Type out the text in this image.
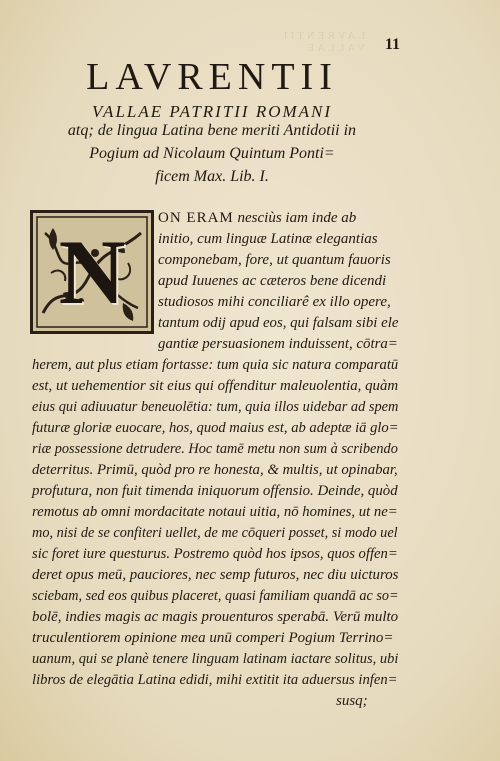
LAVRENTII VALLAE 11
LAVRENTII
VALLAE PATRITII ROMANI
atq; de lingua Latina bene meriti Antidotii in
Pogium ad Nicolaum Quintum Ponti=
ficem Max. Lib. I.
N
ON ERAM nesciùs iam inde ab
initio, cum linguæ Latinæ elegantias
componebam, fore, ut quantum fauoris
apud Iuuenes ac cæteros bene dicendi
studiosos mihi conciliarê ex illo opere,
tantum odij apud eos, qui falsam sibi ele
gantiæ persuasionem induissent, cōtra=
herem, aut plus etiam fortasse: tum quia sic natura comparatū
est, ut uehementior sit eius qui offenditur maleuolentia, quàm
eius qui adiuuatur beneuolētia: tum, quia illos uidebar ad spem
futuræ gloriæ euocare, hos, quod maius est, ab adeptæ iā glo=
riæ possessione detrudere. Hoc tamē metu non sum à scribendo
deterritus. Primū, quòd pro re honesta, & multis, ut opinabar,
profutura, non fuit timenda iniquorum offensio. Deinde, quòd
remotus ab omni mordacitate notaui uitia, nō homines, ut ne=
mo, nisi de se confiteri uellet, de me cōqueri posset, si modo uel
sic foret iure questurus. Postremo quòd hos ipsos, quos offen=
deret opus meū, pauciores, nec semp futuros, nec diu uicturos
sciebam, sed eos quibus placeret, quasi familiam quandā ac so=
bolē, indies magis ac magis prouenturos sperabā. Verū multo
truculentiorem opinione mea unū comperi Pogium Terrino=
uanum, qui se planè tenere linguam latinam iactare solitus, ubi
libros de elegātia Latina edidi, mihi extitit ita aduersus infen=
susq;
